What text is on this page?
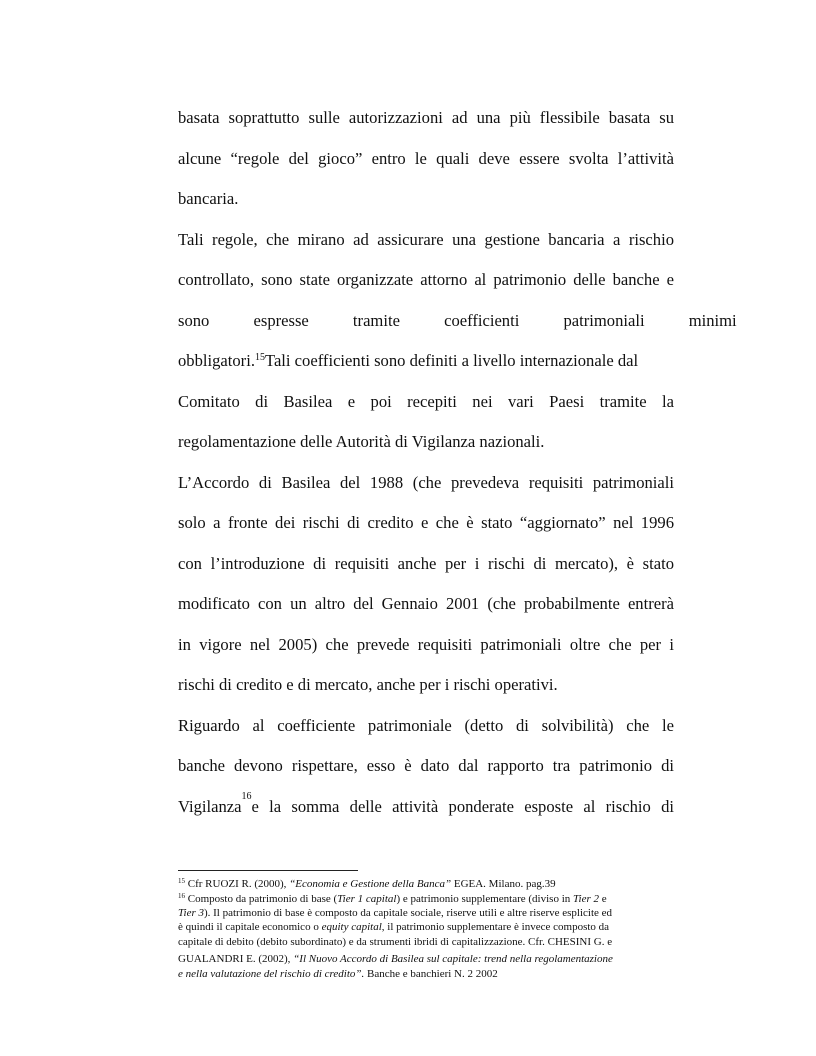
basata soprattutto sulle autorizzazioni ad una più flessibile basata su
alcune “regole del gioco” entro le quali deve essere svolta l’attività
bancaria.
Tali regole, che mirano ad assicurare una gestione bancaria a rischio
controllato, sono state organizzate attorno al patrimonio delle banche e
sono espresse tramite coefficienti patrimoniali minimi
obbligatori.$^{15}$Tali coefficienti sono definiti a livello internazionale dal
Comitato di Basilea e poi recepiti nei vari Paesi tramite la
regolamentazione delle Autorità di Vigilanza nazionali.
L’Accordo di Basilea del 1988 (che prevedeva requisiti patrimoniali
solo a fronte dei rischi di credito e che è stato “aggiornato” nel 1996
con l’introduzione di requisiti anche per i rischi di mercato), è stato
modificato con un altro del Gennaio 2001 (che probabilmente entrerà
in vigore nel 2005) che prevede requisiti patrimoniali oltre che per i
rischi di credito e di mercato, anche per i rischi operativi.
Riguardo al coefficiente patrimoniale (detto di solvibilità) che le
banche devono rispettare, esso è dato dal rapporto tra patrimonio di
Vigilanza
16
e la somma delle attività ponderate esposte al rischio di
$^{15}$ Cfr RUOZI R. (2000), “Economia e Gestione della Banca” EGEA. Milano. pag.39
$^{16}$ Composto da patrimonio di base (Tier 1 capital) e patrimonio supplementare (diviso in Tier 2 e
Tier 3). Il patrimonio di base è composto da capitale sociale, riserve utili e altre riserve esplicite ed
è quindi il capitale economico o equity capital, il patrimonio supplementare è invece composto da
capitale di debito (debito subordinato) e da strumenti ibridi di capitalizzazione. Cfr. CHESINI G. e
GUALANDRI E. (2002), “Il Nuovo Accordo di Basilea sul capitale: trend nella regolamentazione
e nella valutazione del rischio di credito”. Banche e banchieri N. 2 2002
